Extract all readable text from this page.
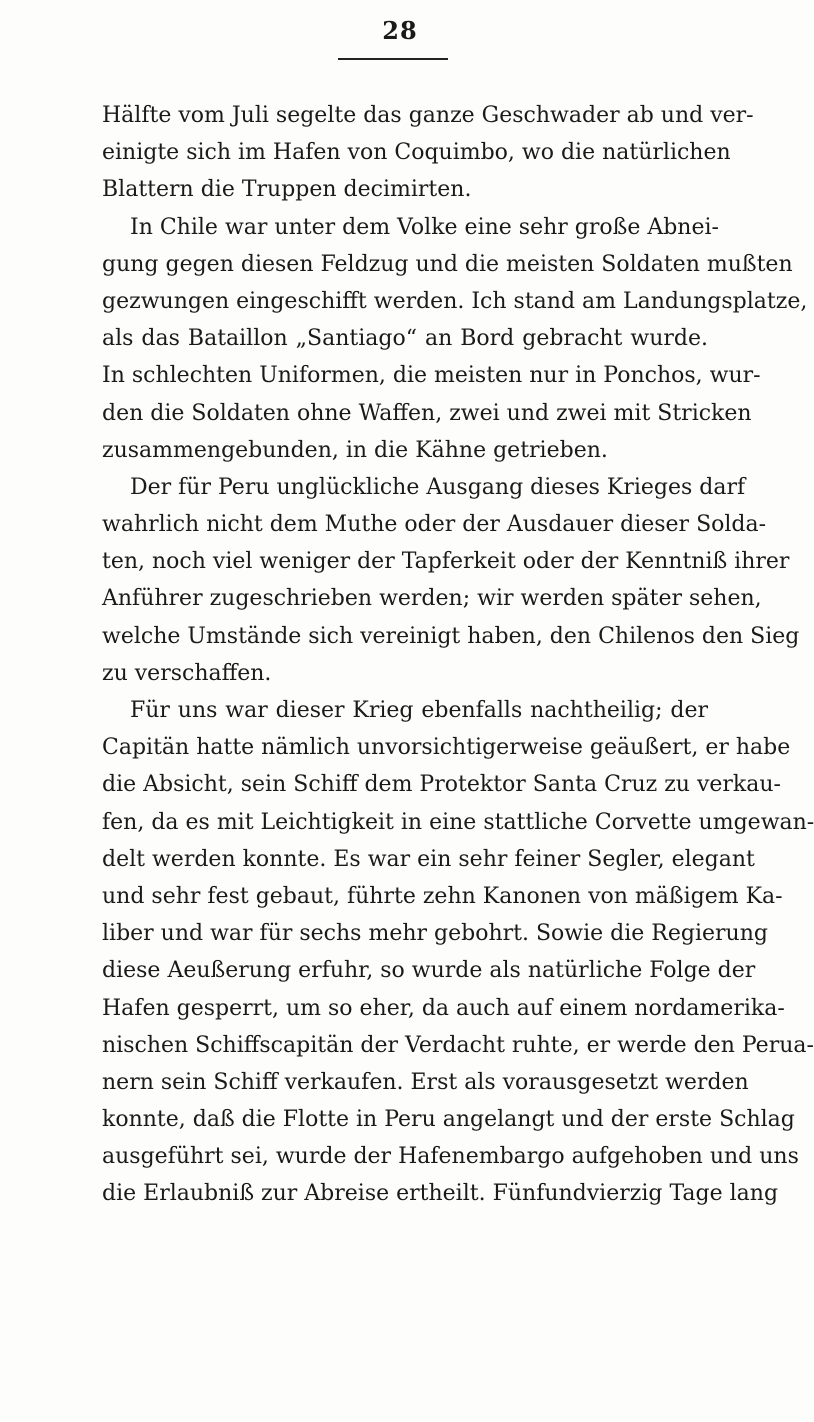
28
Hälfte vom Juli segelte das ganze Geschwader ab und ver-
einigte sich im Hafen von Coquimbo, wo die natürlichen
Blattern die Truppen decimirten.
In Chile war unter dem Volke eine sehr große Abnei-
gung gegen diesen Feldzug und die meisten Soldaten mußten
gezwungen eingeschifft werden. Ich stand am Landungsplatze,
als das Bataillon „Santiago“ an Bord gebracht wurde.
In schlechten Uniformen, die meisten nur in Ponchos, wur-
den die Soldaten ohne Waffen, zwei und zwei mit Stricken
zusammengebunden, in die Kähne getrieben.
Der für Peru unglückliche Ausgang dieses Krieges darf
wahrlich nicht dem Muthe oder der Ausdauer dieser Solda-
ten, noch viel weniger der Tapferkeit oder der Kenntniß ihrer
Anführer zugeschrieben werden; wir werden später sehen,
welche Umstände sich vereinigt haben, den Chilenos den Sieg
zu verschaffen.
Für uns war dieser Krieg ebenfalls nachtheilig; der
Capitän hatte nämlich unvorsichtigerweise geäußert, er habe
die Absicht, sein Schiff dem Protektor Santa Cruz zu verkau-
fen, da es mit Leichtigkeit in eine stattliche Corvette umgewan-
delt werden konnte. Es war ein sehr feiner Segler, elegant
und sehr fest gebaut, führte zehn Kanonen von mäßigem Ka-
liber und war für sechs mehr gebohrt. Sowie die Regierung
diese Aeußerung erfuhr, so wurde als natürliche Folge der
Hafen gesperrt, um so eher, da auch auf einem nordamerika-
nischen Schiffscapitän der Verdacht ruhte, er werde den Perua-
nern sein Schiff verkaufen. Erst als vorausgesetzt werden
konnte, daß die Flotte in Peru angelangt und der erste Schlag
ausgeführt sei, wurde der Hafenembargo aufgehoben und uns
die Erlaubniß zur Abreise ertheilt. Fünfundvierzig Tage lang
